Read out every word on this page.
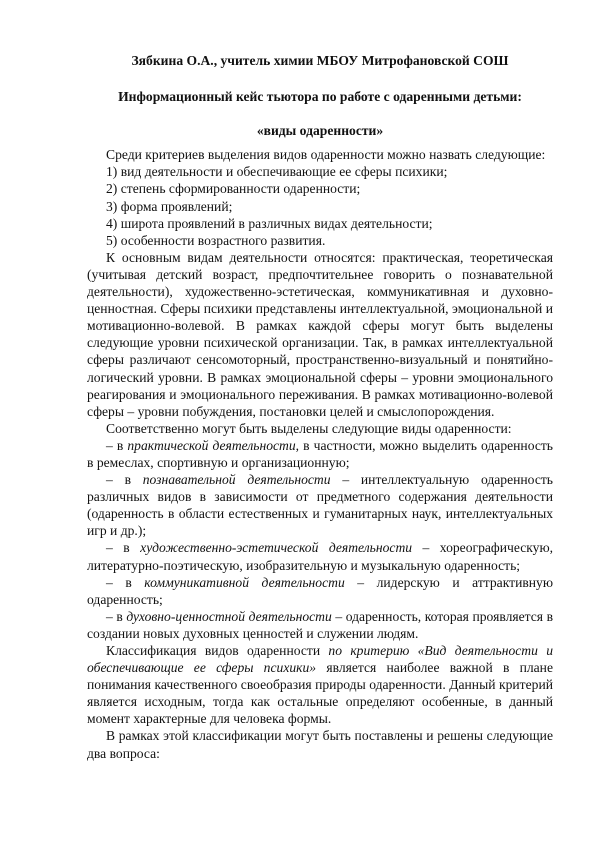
Зябкина О.А., учитель химии МБОУ Митрофановской СОШ

Информационный кейс тьютора по работе с одаренными детьми:

«виды одаренности»

Среди критериев выделения видов одаренности можно назвать следующие:

1) вид деятельности и обеспечивающие ее сферы психики;

2) степень сформированности одаренности;

3) форма проявлений;

4) широта проявлений в различных видах деятельности;

5) особенности возрастного развития.

К основным видам деятельности относятся: практическая, теоретическая (учитывая детский возраст, предпочтительнее говорить о познавательной деятельности), художественно-эстетическая, коммуникативная и духовно-ценностная. Сферы психики представлены интеллектуальной, эмоциональной и мотивационно-волевой. В рамках каждой сферы могут быть выделены следующие уровни психической организации. Так, в рамках интеллектуальной сферы различают сенсомоторный, пространственно-визуальный и понятийно-логический уровни. В рамках эмоциональной сферы – уровни эмоционального реагирования и эмоционального переживания. В рамках мотивационно-волевой сферы – уровни побуждения, постановки целей и смыслопорождения.

Соответственно могут быть выделены следующие виды одаренности:

– в практической деятельности, в частности, можно выделить одаренность в ремеслах, спортивную и организационную;

– в познавательной деятельности – интеллектуальную одаренность различных видов в зависимости от предметного содержания деятельности (одаренность в области естественных и гуманитарных наук, интеллектуальных игр и др.);

– в художественно-эстетической деятельности – хореографическую, литературно-поэтическую, изобразительную и музыкальную одаренность;

– в коммуникативной деятельности – лидерскую и аттрактивную одаренность;

– в духовно-ценностной деятельности – одаренность, которая проявляется в создании новых духовных ценностей и служении людям.

Классификация видов одаренности по критерию «Вид деятельности и обеспечивающие ее сферы психики» является наиболее важной в плане понимания качественного своеобразия природы одаренности. Данный критерий является исходным, тогда как остальные определяют особенные, в данный момент характерные для человека формы.

В рамках этой классификации могут быть поставлены и решены следующие два вопроса:
